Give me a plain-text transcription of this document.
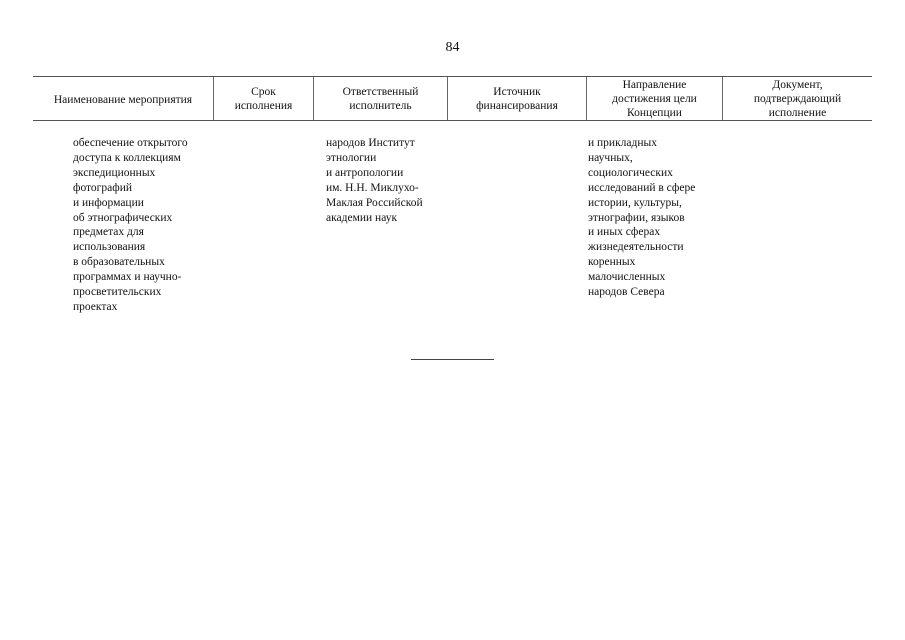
84
Наименование мероприятия
Срок
исполнения
Ответственный
исполнитель
Источник
финансирования
Направление
достижения цели
Концепции
Документ,
подтверждающий
исполнение
обеспечение открытого
доступа к коллекциям
экспедиционных
фотографий
и информации
об этнографических
предметах для
использования
в образовательных
программах и научно-
просветительских
проектах
народов Институт
этнологии
и антропологии
им. Н.Н. Миклухо-
Маклая Российской
академии наук
и прикладных
научных,
социологических
исследований в сфере
истории, культуры,
этнографии, языков
и иных сферах
жизнедеятельности
коренных
малочисленных
народов Севера
